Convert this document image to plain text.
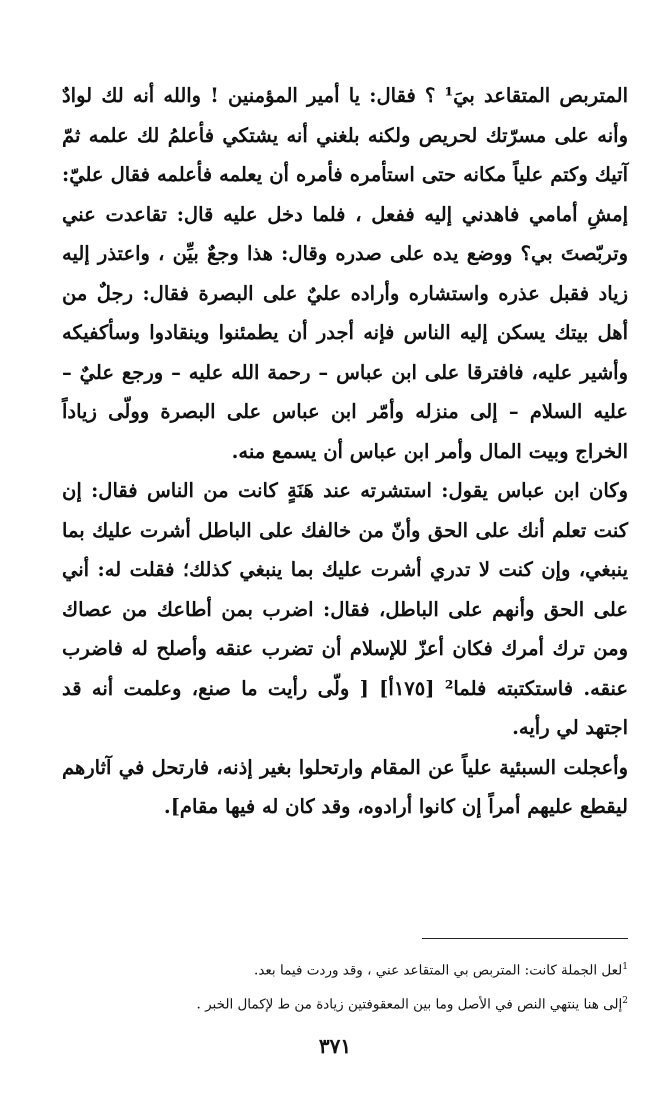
المتربص المتقاعد بيَ¹ ؟ فقال: يا أمير المؤمنين ! والله أنه لك لوادٌ وأنه على مسرّتك لحريص ولكنه بلغني أنه يشتكي فأعلمُ لك علمه ثمّ آتيك وكتم علياً مكانه حتى استأمره فأمره أن يعلمه فأعلمه فقال عليّ: إمشِ أمامي فاهدني إليه ففعل ، فلما دخل عليه قال: تقاعدت عني وتربّصتَ بي؟ ووضع يده على صدره وقال: هذا وجعٌ بيِّن ، واعتذر إليه زياد فقبل عذره واستشاره وأراده عليٌ على البصرة فقال: رجلٌ من أهل بيتك يسكن إليه الناس فإنه أجدر أن يطمئنوا وينقادوا وسأكفيكه وأشير عليه، فافترقا على ابن عباس – رحمة الله عليه – ورجع عليٌ – عليه السلام – إلى منزله وأمّر ابن عباس على البصرة وولّى زياداً الخراج وبيت المال وأمر ابن عباس أن يسمع منه.

وكان ابن عباس يقول: استشرته عند هَنَةٍ كانت من الناس فقال: إن كنت تعلم أنك على الحق وأنّ من خالفك على الباطل أشرت عليك بما ينبغي، وإن كنت لا تدري أشرت عليك بما ينبغي كذلك؛ فقلت له: أني على الحق وأنهم على الباطل، فقال: اضرب بمن أطاعك من عصاك ومن ترك أمرك فكان أعزّ للإسلام أن تضرب عنقه وأصلح له فاضرب عنقه. فاستكتبته فلما² [١٧٥أ] [ ولّى رأيت ما صنع، وعلمت أنه قد اجتهد لي رأيه.

وأعجلت السبئية علياً عن المقام وارتحلوا بغير إذنه، فارتحل في آثارهم ليقطع عليهم أمراً إن كانوا أرادوه، وقد كان له فيها مقام].

$^1$لعل الجملة كانت: المتربص بي المتقاعد عني ، وقد وردت فيما بعد.

$^2$إلى هنا ينتهي النص في الأصل وما بين المعقوفتين زيادة من ط لإكمال الخبر .

٣٧١
